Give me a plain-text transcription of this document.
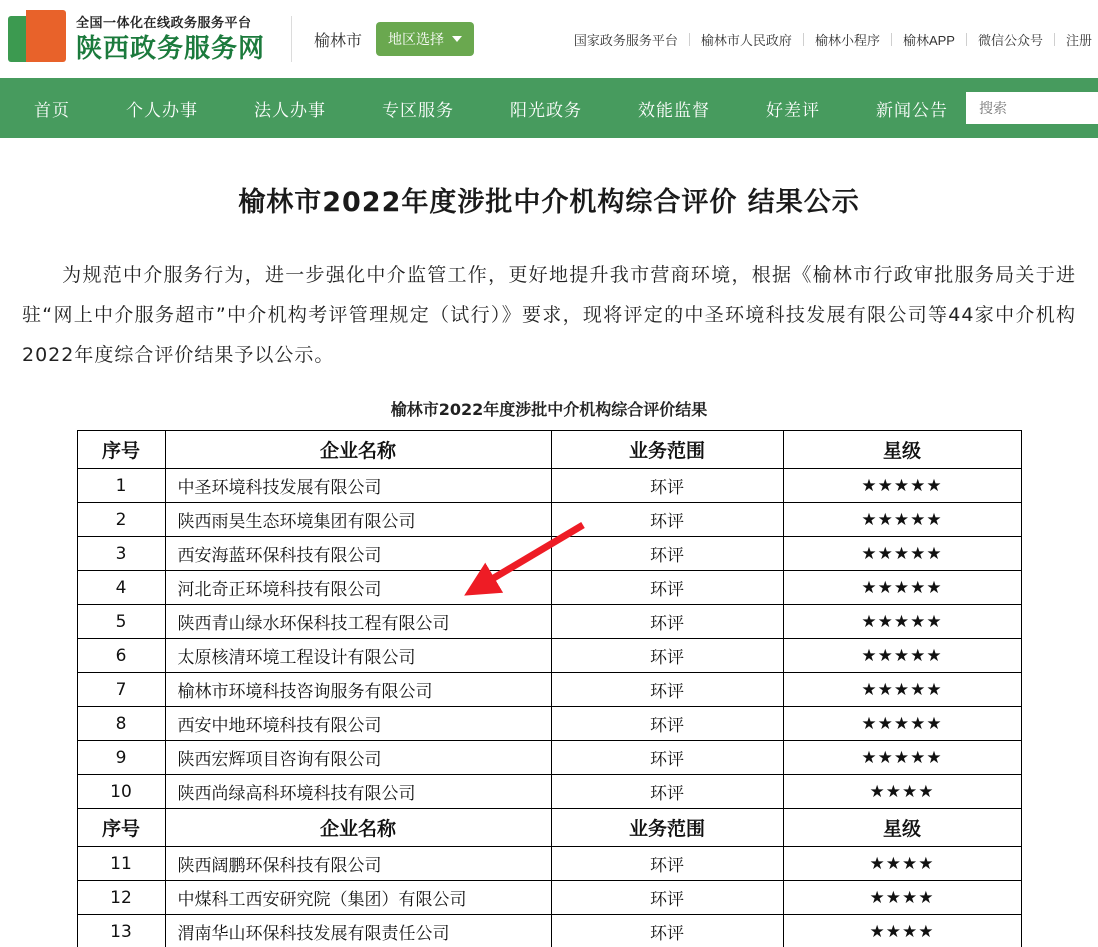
全国一体化在线政务服务平台
陕西政务服务网	榆林市 地区选择	国家政务服务平台	榆林市人民政府	榆林小程序	榆林APP	微信公众号	注册
首页	个人办事	法人办事	专区服务	阳光政务	效能监督	好差评	新闻公告
搜索
榆林市2022年度涉批中介机构综合评价 结果公示
为规范中介服务行为，进一步强化中介监管工作，更好地提升我市营商环境，根据《榆林市行政审批服务局关于进驻“网上中介服务超市”中介机构考评管理规定（试行）》要求，现将评定的中圣环境科技发展有限公司等44家中介机构2022年度综合评价结果予以公示。
榆林市2022年度涉批中介机构综合评价结果
序号	企业名称	业务范围	星级
1	中圣环境科技发展有限公司	环评	★★★★★
2	陕西雨昊生态环境集团有限公司	环评	★★★★★
3	西安海蓝环保科技有限公司	环评	★★★★★
4	河北奇正环境科技有限公司	环评	★★★★★
5	陕西青山绿水环保科技工程有限公司	环评	★★★★★
6	太原核清环境工程设计有限公司	环评	★★★★★
7	榆林市环境科技咨询服务有限公司	环评	★★★★★
8	西安中地环境科技有限公司	环评	★★★★★
9	陕西宏辉项目咨询有限公司	环评	★★★★★
10	陕西尚绿高科环境科技有限公司	环评	★★★★
序号	企业名称	业务范围	星级
11	陕西阔鹏环保科技有限公司	环评	★★★★
12	中煤科工西安研究院（集团）有限公司	环评	★★★★
13	渭南华山环保科技发展有限责任公司	环评	★★★★
